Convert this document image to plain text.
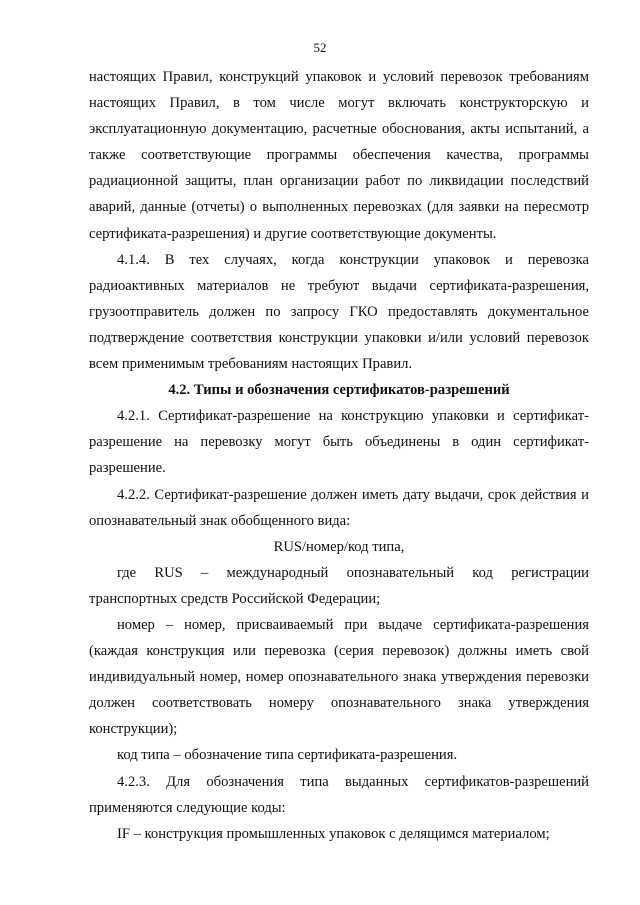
52

настоящих Правил, конструкций упаковок и условий перевозок требованиям настоящих Правил, в том числе могут включать конструкторскую и эксплуатационную документацию, расчетные обоснования, акты испытаний, а также соответствующие программы обеспечения качества, программы радиационной защиты, план организации работ по ликвидации последствий аварий, данные (отчеты) о выполненных перевозках (для заявки на пересмотр сертификата-разрешения) и другие соответствующие документы.

4.1.4. В тех случаях, когда конструкции упаковок и перевозка радиоактивных материалов не требуют выдачи сертификата-разрешения, грузоотправитель должен по запросу ГКО предоставлять документальное подтверждение соответствия конструкции упаковки и/или условий перевозок всем применимым требованиям настоящих Правил.

4.2. Типы и обозначения сертификатов-разрешений

4.2.1. Сертификат-разрешение на конструкцию упаковки и сертификат-разрешение на перевозку могут быть объединены в один сертификат-разрешение.

4.2.2. Сертификат-разрешение должен иметь дату выдачи, срок действия и опознавательный знак обобщенного вида:

RUS/номер/код типа,

где RUS – международный опознавательный код регистрации транспортных средств Российской Федерации;

номер – номер, присваиваемый при выдаче сертификата-разрешения (каждая конструкция или перевозка (серия перевозок) должны иметь свой индивидуальный номер, номер опознавательного знака утверждения перевозки должен соответствовать номеру опознавательного знака утверждения конструкции);

код типа – обозначение типа сертификата-разрешения.

4.2.3. Для обозначения типа выданных сертификатов-разрешений применяются следующие коды:

IF – конструкция промышленных упаковок с делящимся материалом;
